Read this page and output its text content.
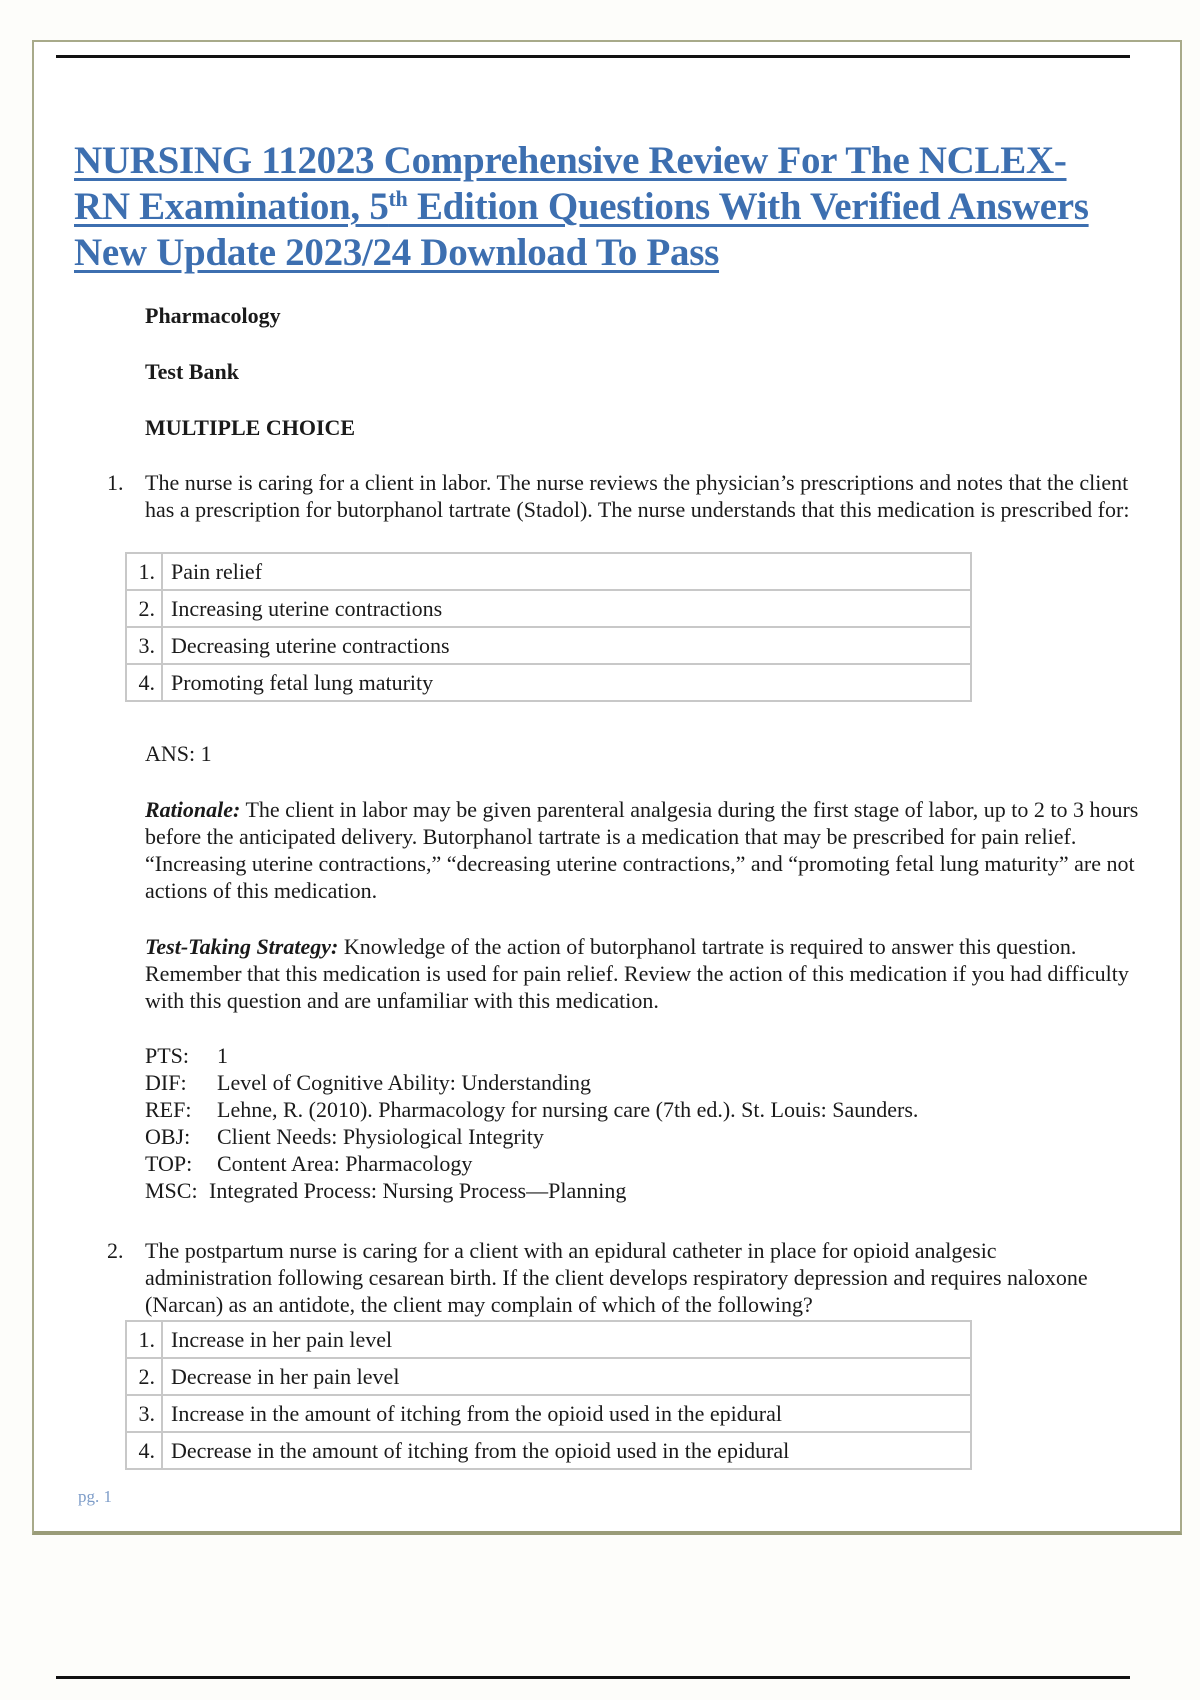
NURSING 112023 Comprehensive Review For The NCLEX-
RN Examination, 5th Edition Questions With Verified Answers
New Update 2023/24 Download To Pass
Pharmacology
Test Bank
MULTIPLE CHOICE
1. The nurse is caring for a client in labor. The nurse reviews the physician’s prescriptions and notes that the client has a prescription for butorphanol tartrate (Stadol). The nurse understands that this medication is prescribed for:
1.	Pain relief
2.	Increasing uterine contractions
3.	Decreasing uterine contractions
4.	Promoting fetal lung maturity
ANS: 1
Rationale: The client in labor may be given parenteral analgesia during the first stage of labor, up to 2 to 3 hours before the anticipated delivery. Butorphanol tartrate is a medication that may be prescribed for pain relief. “Increasing uterine contractions,” “decreasing uterine contractions,” and “promoting fetal lung maturity” are not actions of this medication.
Test-Taking Strategy: Knowledge of the action of butorphanol tartrate is required to answer this question. Remember that this medication is used for pain relief. Review the action of this medication if you had difficulty with this question and are unfamiliar with this medication.
PTS:	1
DIF:	Level of Cognitive Ability: Understanding
REF:	Lehne, R. (2010). Pharmacology for nursing care (7th ed.). St. Louis: Saunders.
OBJ:	Client Needs: Physiological Integrity
TOP:	Content Area: Pharmacology
MSC: Integrated Process: Nursing Process—Planning
2. The postpartum nurse is caring for a client with an epidural catheter in place for opioid analgesic administration following cesarean birth. If the client develops respiratory depression and requires naloxone (Narcan) as an antidote, the client may complain of which of the following?
1.	Increase in her pain level
2.	Decrease in her pain level
3.	Increase in the amount of itching from the opioid used in the epidural
4.	Decrease in the amount of itching from the opioid used in the epidural
pg. 1
